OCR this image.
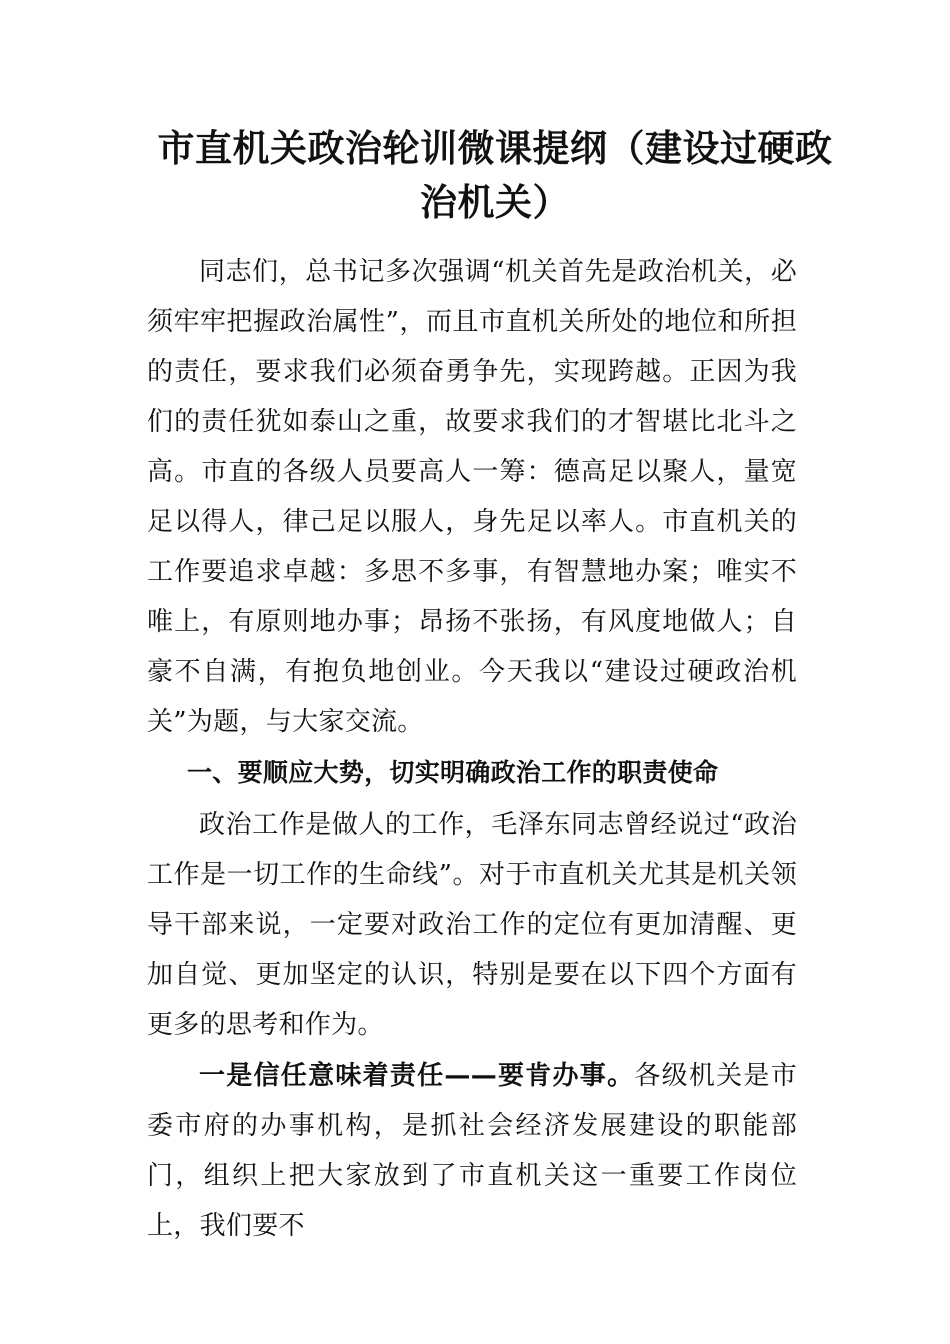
市直机关政治轮训微课提纲（建设过硬政治机关）

同志们，总书记多次强调“机关首先是政治机关，必须牢牢把握政治属性”，而且市直机关所处的地位和所担的责任，要求我们必须奋勇争先，实现跨越。正因为我们的责任犹如泰山之重，故要求我们的才智堪比北斗之高。市直的各级人员要高人一筹：德高足以聚人，量宽足以得人，律己足以服人，身先足以率人。市直机关的工作要追求卓越：多思不多事，有智慧地办案；唯实不唯上，有原则地办事；昂扬不张扬，有风度地做人；自豪不自满，有抱负地创业。今天我以“建设过硬政治机关”为题，与大家交流。

一、要顺应大势，切实明确政治工作的职责使命

政治工作是做人的工作，毛泽东同志曾经说过“政治工作是一切工作的生命线”。对于市直机关尤其是机关领导干部来说，一定要对政治工作的定位有更加清醒、更加自觉、更加坚定的认识，特别是要在以下四个方面有更多的思考和作为。

一是信任意味着责任——要肯办事。各级机关是市委市府的办事机构，是抓社会经济发展建设的职能部门，组织上把大家放到了市直机关这一重要工作岗位上，我们要不
